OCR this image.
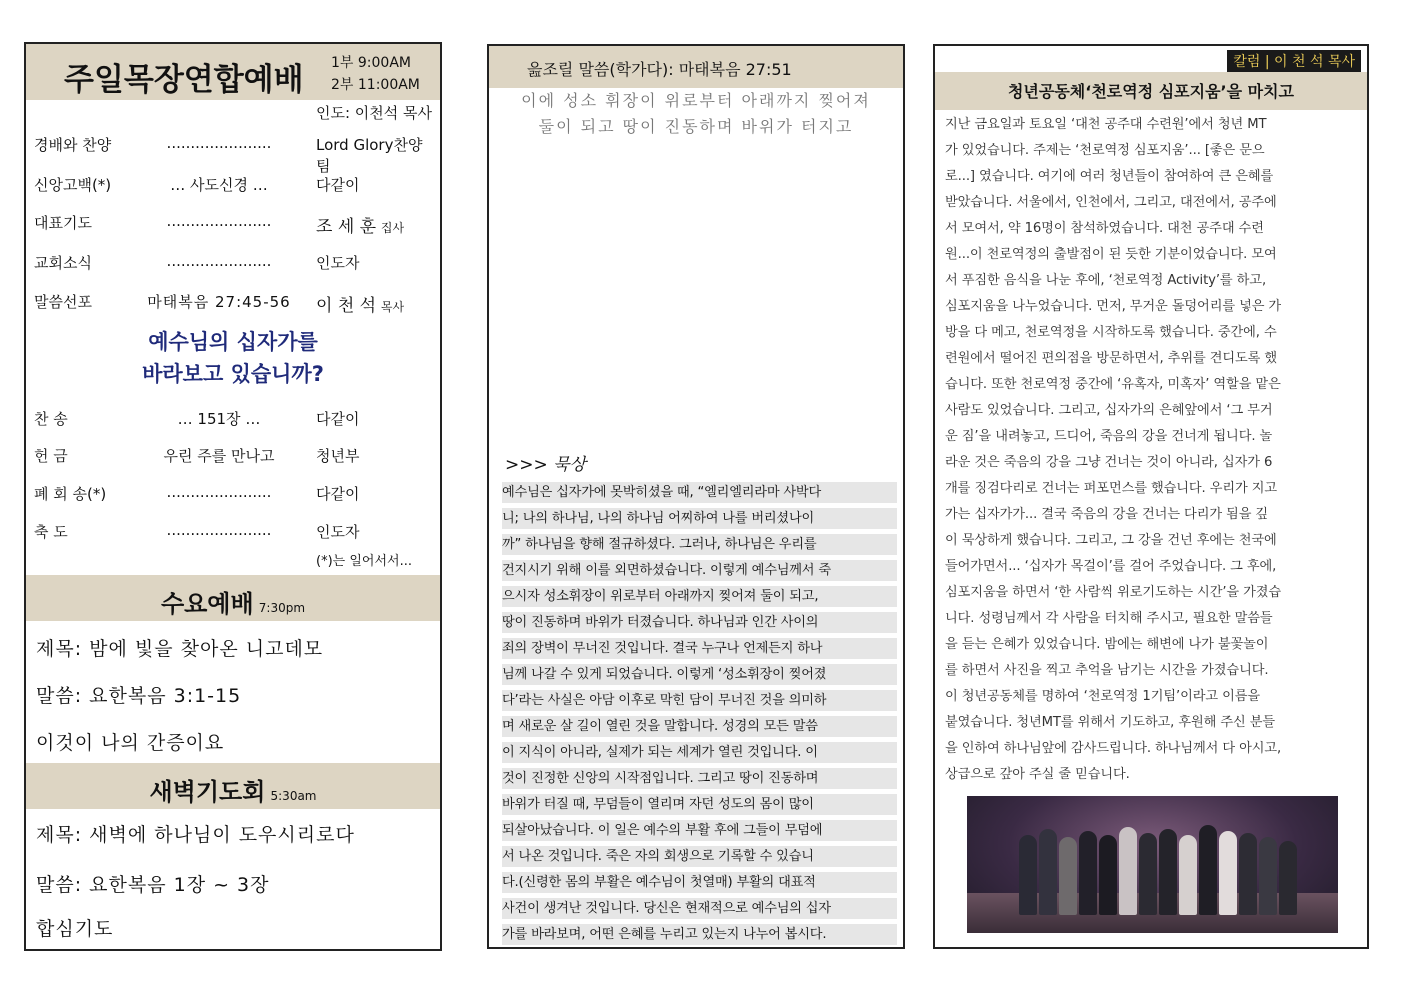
주일목장연합예배 1부 9:00AM
2부 11:00AM
인도: 이천석 목사
경배와 찬양	......................	Lord Glory찬양팀
신앙고백(*)	… 사도신경 …	다같이
대표기도	......................	조 세 훈 집사
교회소식	......................	인도자
말씀선포	마태복음 27:45-56	이 천 석 목사
예수님의 십자가를
바라보고 있습니까?
찬 송	… 151장 …	다같이
헌 금	우린 주를 만나고	청년부
폐 회 송(*)	......................	다같이
축 도	......................	인도자
(*)는 일어서서...
수요예배 7:30pm
제목: 밤에 빛을 찾아온 니고데모
말씀: 요한복음 3:1-15
이것이 나의 간증이요
새벽기도회 5:30am
제목: 새벽에 하나님이 도우시리로다
말씀: 요한복음 1장 ~ 3장
합심기도
읊조릴 말씀(학가다): 마태복음 27:51
이에 성소 휘장이 위로부터 아래까지 찢어져
둘이 되고 땅이 진동하며 바위가 터지고
>>> 묵상
예수님은 십자가에 못박히셨을 때, “엘리엘리라마 사박다
니; 나의 하나님, 나의 하나님 어찌하여 나를 버리셨나이
까” 하나님을 향해 절규하셨다. 그러나, 하나님은 우리를
건지시기 위해 이를 외면하셨습니다. 이렇게 예수님께서 죽
으시자 성소휘장이 위로부터 아래까지 찢어져 둘이 되고,
땅이 진동하며 바위가 터졌습니다. 하나님과 인간 사이의
죄의 장벽이 무너진 것입니다. 결국 누구나 언제든지 하나
님께 나갈 수 있게 되었습니다. 이렇게 ‘성소휘장이 찢어졌
다’라는 사실은 아담 이후로 막힌 담이 무너진 것을 의미하
며 새로운 살 길이 열린 것을 말합니다. 성경의 모든 말씀
이 지식이 아니라, 실제가 되는 세계가 열린 것입니다. 이
것이 진정한 신앙의 시작점입니다. 그리고 땅이 진동하며
바위가 터질 때, 무덤들이 열리며 자던 성도의 몸이 많이
되살아났습니다. 이 일은 예수의 부활 후에 그들이 무덤에
서 나온 것입니다. 죽은 자의 회생으로 기록할 수 있습니
다.(신령한 몸의 부활은 예수님이 첫열매) 부활의 대표적
사건이 생겨난 것입니다. 당신은 현재적으로 예수님의 십자
가를 바라보며, 어떤 은혜를 누리고 있는지 나누어 봅시다.
칼럼 | 이 천 석 목사
청년공동체‘천로역정 심포지움’을 마치고
지난 금요일과 토요일 ‘대천 공주대 수련원’에서 청년 MT
가 있었습니다. 주제는 ‘천로역정 심포지움’... [좋은 문으
로...] 였습니다. 여기에 여러 청년들이 참여하여 큰 은혜를
받았습니다. 서울에서, 인천에서, 그리고, 대전에서, 공주에
서 모여서, 약 16명이 참석하였습니다. 대천 공주대 수련
원...이 천로역정의 출발점이 된 듯한 기분이었습니다. 모여
서 푸짐한 음식을 나눈 후에, ‘천로역정 Activity’를 하고,
심포지움을 나누었습니다. 먼저, 무거운 돌덩어리를 넣은 가
방을 다 메고, 천로역정을 시작하도록 했습니다. 중간에, 수
련원에서 떨어진 편의점을 방문하면서, 추위를 견디도록 했
습니다. 또한 천로역정 중간에 ‘유혹자, 미혹자’ 역할을 맡은
사람도 있었습니다. 그리고, 십자가의 은혜앞에서 ‘그 무거
운 짐’을 내려놓고, 드디어, 죽음의 강을 건너게 됩니다. 놀
라운 것은 죽음의 강을 그냥 건너는 것이 아니라, 십자가 6
개를 징검다리로 건너는 퍼포먼스를 했습니다. 우리가 지고
가는 십자가가... 결국 죽음의 강을 건너는 다리가 됨을 깊
이 묵상하게 했습니다. 그리고, 그 강을 건넌 후에는 천국에
들어가면서... ‘십자가 목걸이’를 걸어 주었습니다. 그 후에,
심포지움을 하면서 ‘한 사람씩 위로기도하는 시간’을 가졌습
니다. 성령님께서 각 사람을 터치해 주시고, 필요한 말씀들
을 듣는 은혜가 있었습니다. 밤에는 해변에 나가 불꽃놀이
를 하면서 사진을 찍고 추억을 남기는 시간을 가졌습니다.
이 청년공동체를 명하여 ‘천로역정 1기팀’이라고 이름을
붙였습니다. 청년MT를 위해서 기도하고, 후원해 주신 분들
을 인하여 하나님앞에 감사드립니다. 하나님께서 다 아시고,
상급으로 갚아 주실 줄 믿습니다.
